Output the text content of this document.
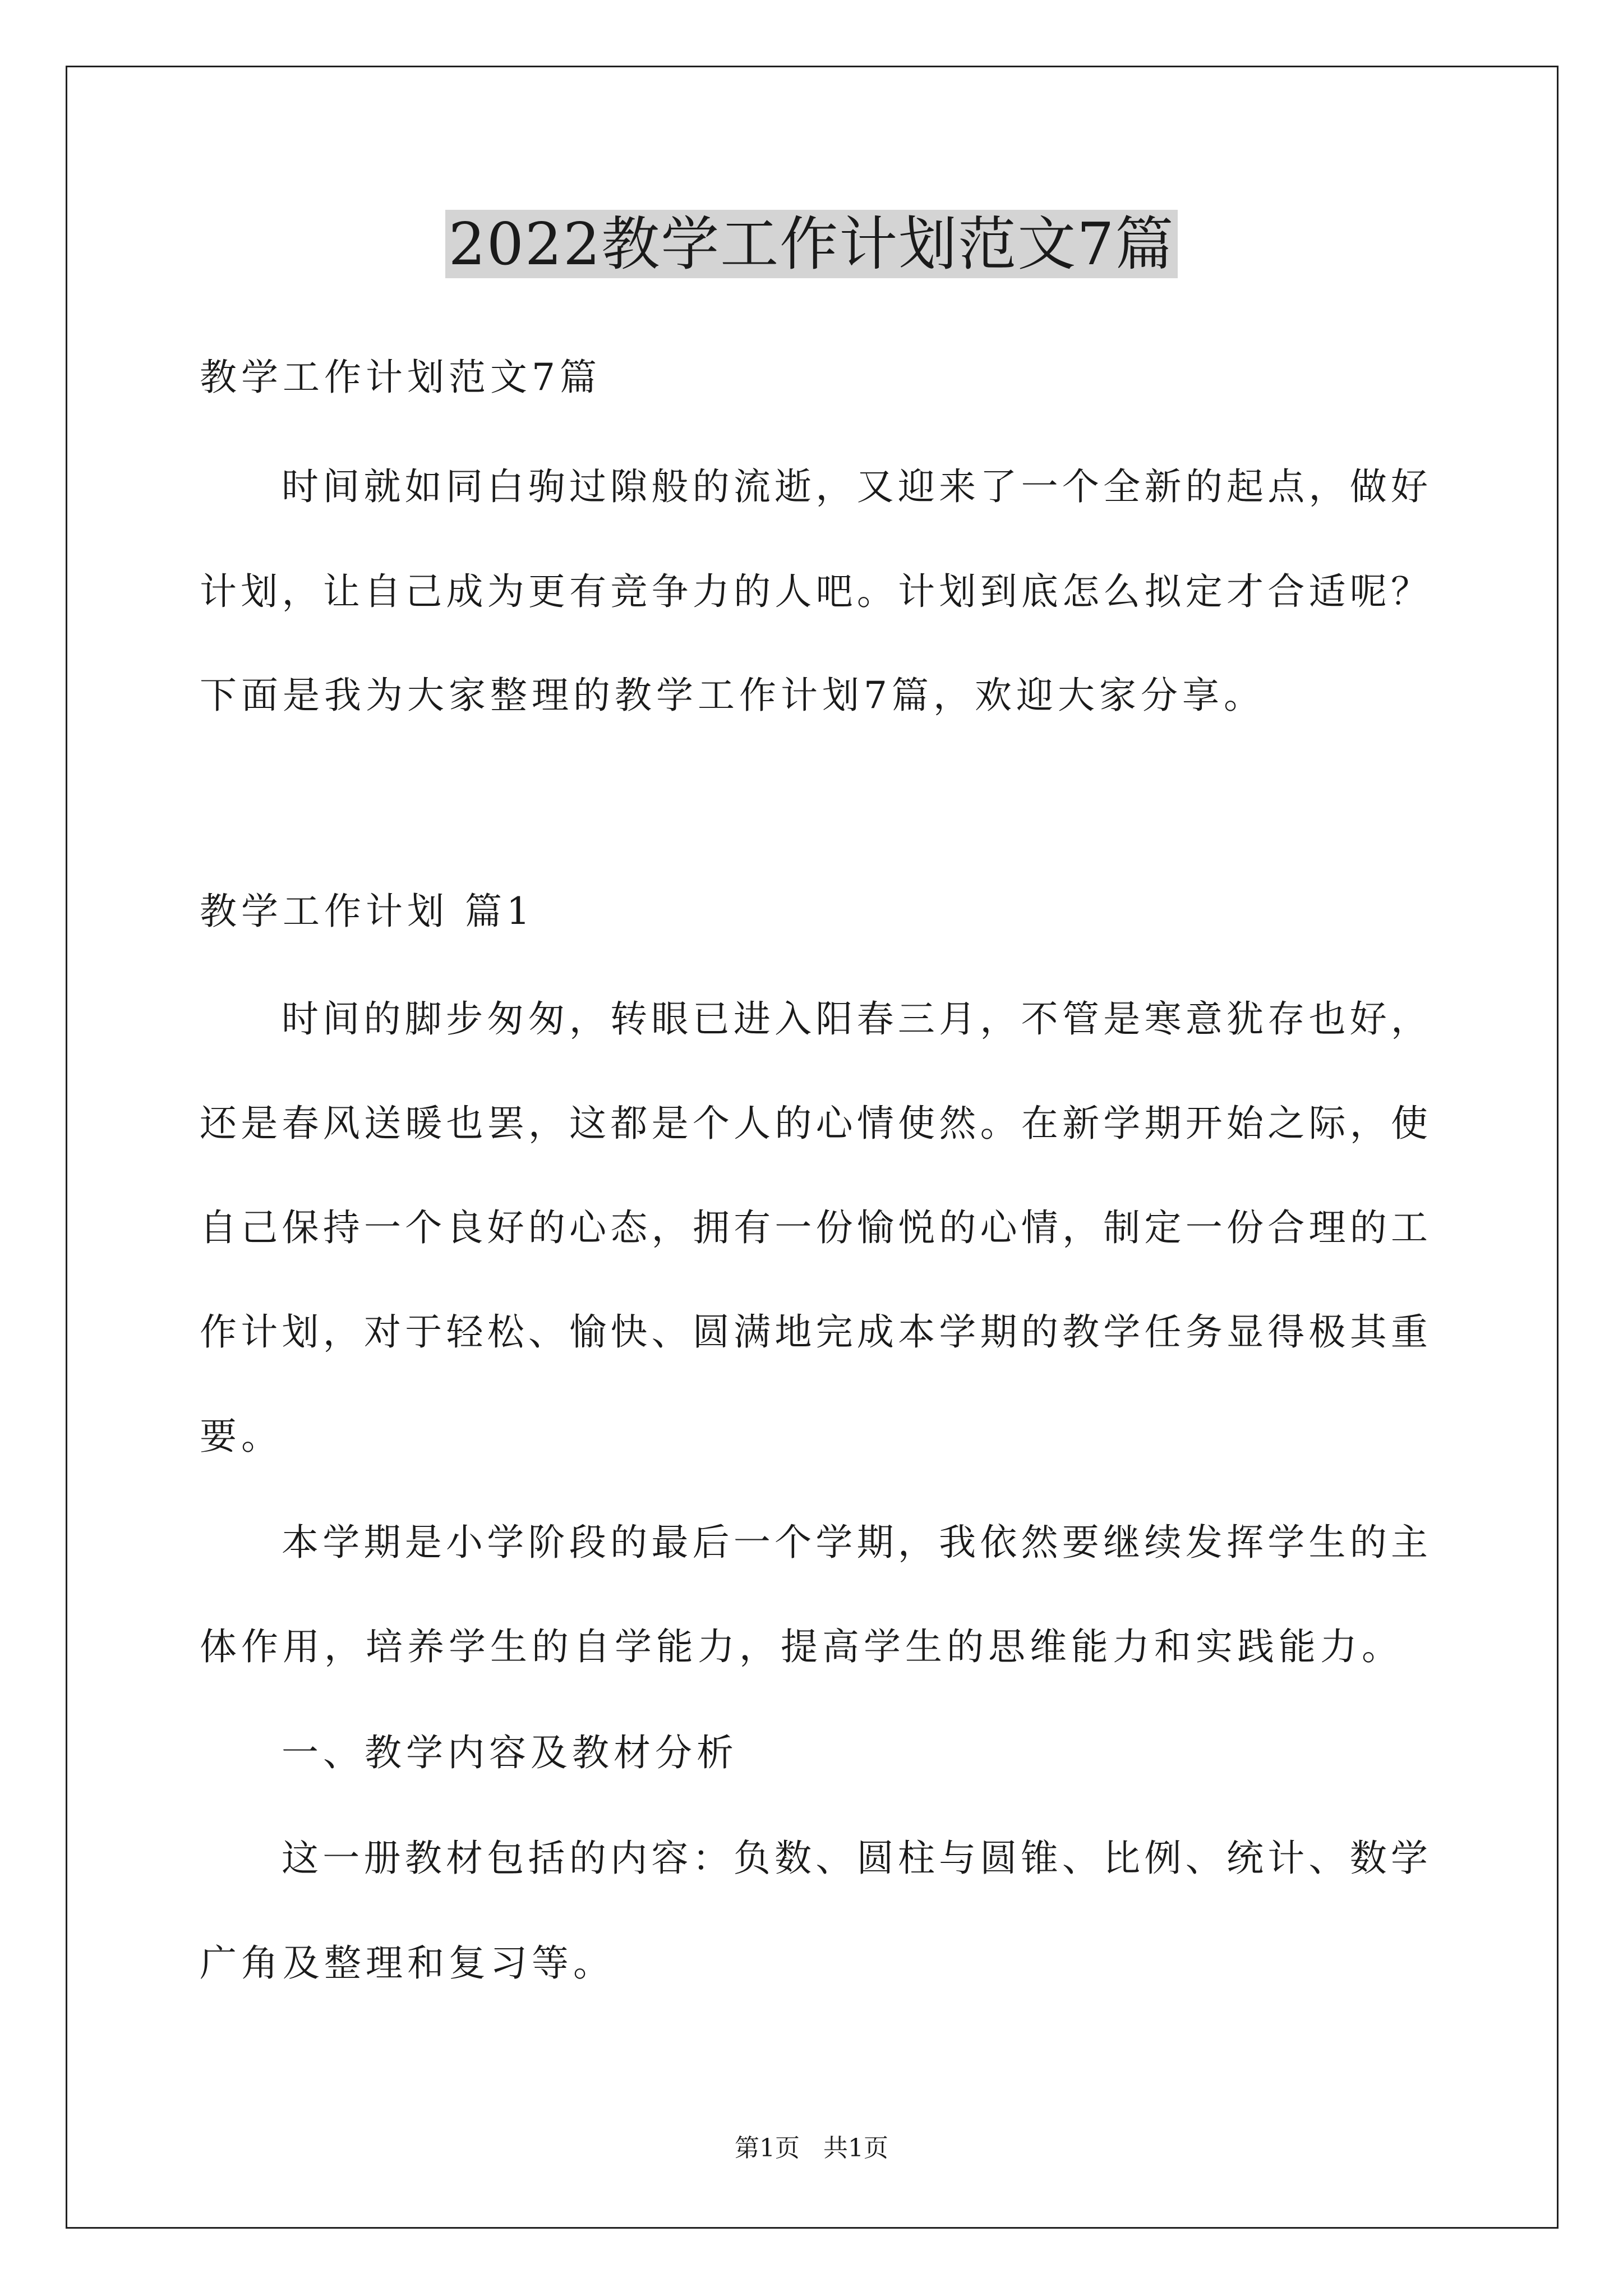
2022教学工作计划范文7篇
教学工作计划范文7篇
时间就如同白驹过隙般的流逝，又迎来了一个全新的起点，做好
计划，让自己成为更有竞争力的人吧。计划到底怎么拟定才合适呢？
下面是我为大家整理的教学工作计划7篇，欢迎大家分享。
教学工作计划 篇1
时间的脚步匆匆，转眼已进入阳春三月，不管是寒意犹存也好，
还是春风送暖也罢，这都是个人的心情使然。在新学期开始之际，使
自己保持一个良好的心态，拥有一份愉悦的心情，制定一份合理的工
作计划，对于轻松、愉快、圆满地完成本学期的教学任务显得极其重
要。
本学期是小学阶段的最后一个学期，我依然要继续发挥学生的主
体作用，培养学生的自学能力，提高学生的思维能力和实践能力。
一、教学内容及教材分析
这一册教材包括的内容：负数、圆柱与圆锥、比例、统计、数学
广角及整理和复习等。
第1页   共1页
